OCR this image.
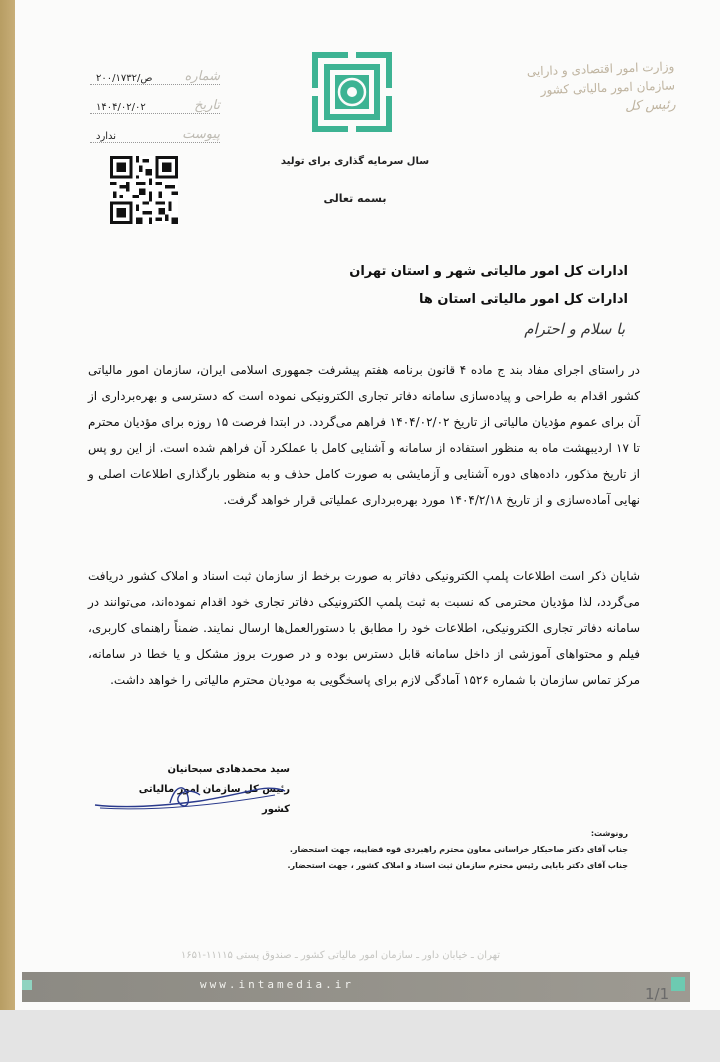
وزارت امور اقتصادی و دارایی
سازمان امور مالیاتی کشور
رئیس کل
سال سرمایه گذاری برای تولید
بسمه تعالی
۲۰۰/۱۷۳۲/ص شماره
۱۴۰۴/۰۲/۰۲	تاریخ
ندارد	پیوست
ادارات کل امور مالیاتی شهر و استان تهران
ادارات کل امور مالیاتی استان ها
با سلام و احترام
در راستای اجرای مفاد بند ج ماده ۴ قانون برنامه هفتم پیشرفت جمهوری اسلامی ایران، سازمان امور مالیاتی کشور اقدام به طراحی و پیاده‌سازی سامانه دفاتر تجاری الکترونیکی نموده است که دسترسی و بهره‌برداری از آن برای عموم مؤدیان مالیاتی از تاریخ ۱۴۰۴/۰۲/۰۲ فراهم می‌گردد. در ابتدا فرصت ۱۵ روزه برای مؤدیان محترم تا ۱۷ اردیبهشت ماه به منظور استفاده از سامانه و آشنایی کامل با عملکرد آن فراهم شده است. از این رو پس از تاریخ مذکور، داده‌های دوره آشنایی و آزمایشی به صورت کامل حذف و به منظور بارگذاری اطلاعات اصلی و نهایی آماده‌سازی و از تاریخ ۱۴۰۴/۲/۱۸ مورد بهره‌برداری عملیاتی قرار خواهد گرفت.
شایان ذکر است اطلاعات پلمپ الکترونیکی دفاتر به صورت برخط از سازمان ثبت اسناد و املاک کشور دریافت می‌گردد، لذا مؤدیان محترمی که نسبت به ثبت پلمپ الکترونیکی دفاتر تجاری خود اقدام نموده‌اند، می‌توانند در سامانه دفاتر تجاری الکترونیکی، اطلاعات خود را مطابق با دستورالعمل‌ها ارسال نمایند. ضمناً راهنمای کاربری، فیلم و محتواهای آموزشی از داخل سامانه قابل دسترس بوده و در صورت بروز مشکل و یا خطا در سامانه، مرکز تماس سازمان با شماره ۱۵۲۶ آمادگی لازم برای پاسخگویی به مودیان محترم مالیاتی را خواهد داشت.
سید محمدهادی سبحانیان
رئیس کل سازمان امور مالیاتی کشور
رونوشت:
جناب آقای دکتر صاحبکار خراسانی معاون محترم راهبردی قوه قضاییه، جهت استحضار.
جناب آقای دکتر بابایی رئیس محترم سازمان ثبت اسناد و املاک کشور ، جهت استحضار.
تهران ـ خیابان داور ـ سازمان امور مالیاتی کشور ـ صندوق پستی ۱۱۱۱۵-۱۶۵۱
www.intamedia.ir
1/1
